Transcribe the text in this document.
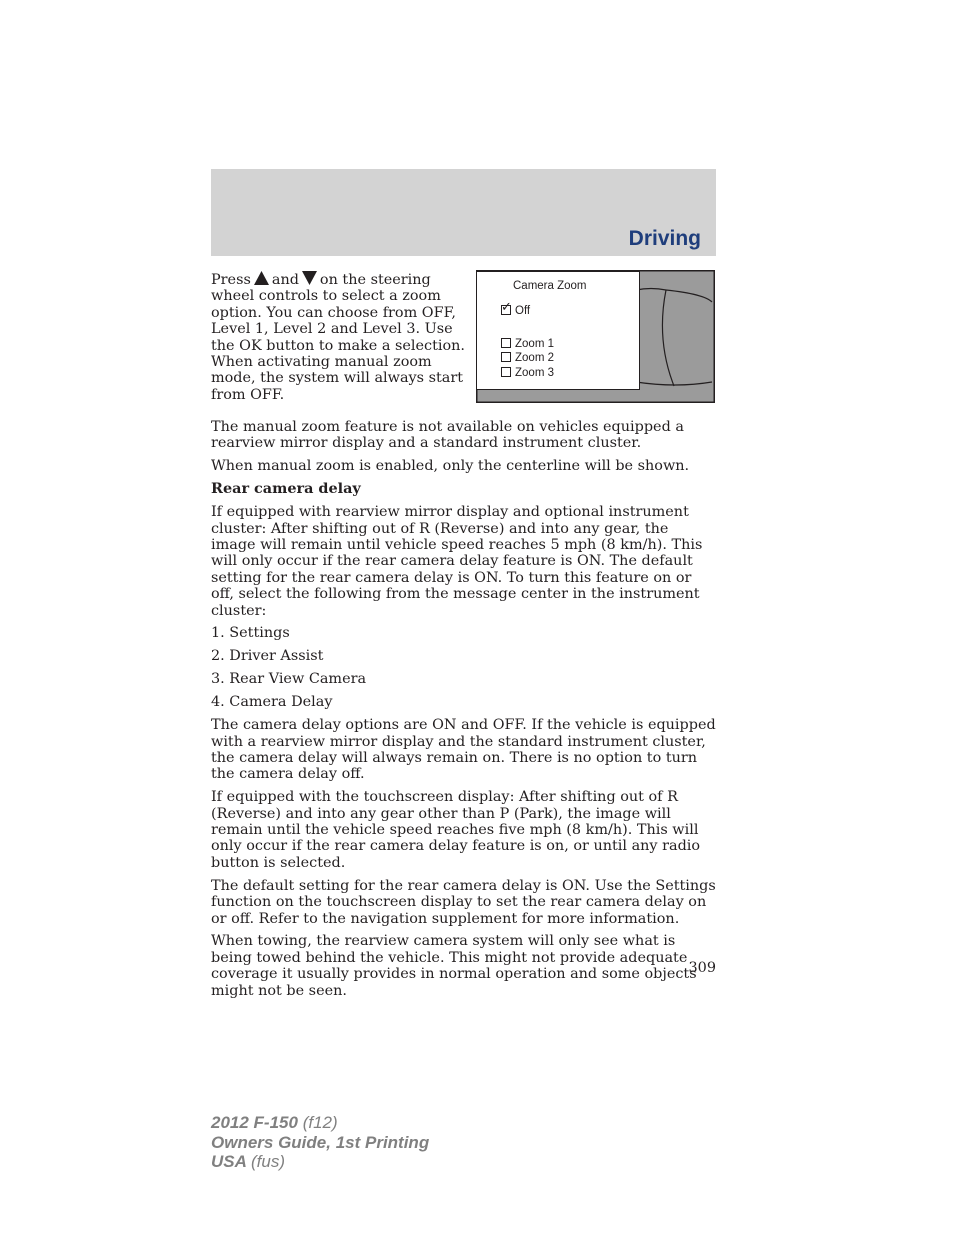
Driving
Press and on the steering wheel controls to select a zoom option. You can choose from OFF, Level 1, Level 2 and Level 3. Use the OK button to make a selection. When activating manual zoom mode, the system will always start from OFF.
Camera Zoom
✓ Off
Zoom 1
Zoom 2
Zoom 3

The manual zoom feature is not available on vehicles equipped a rearview mirror display and a standard instrument cluster.

When manual zoom is enabled, only the centerline will be shown.

Rear camera delay

If equipped with rearview mirror display and optional instrument cluster: After shifting out of R (Reverse) and into any gear, the image will remain until vehicle speed reaches 5 mph (8 km/h). This will only occur if the rear camera delay feature is ON. The default setting for the rear camera delay is ON. To turn this feature on or off, select the following from the message center in the instrument cluster:

1. Settings

2. Driver Assist

3. Rear View Camera

4. Camera Delay

The camera delay options are ON and OFF. If the vehicle is equipped with a rearview mirror display and the standard instrument cluster, the camera delay will always remain on. There is no option to turn the camera delay off.

If equipped with the touchscreen display: After shifting out of R (Reverse) and into any gear other than P (Park), the image will remain until the vehicle speed reaches five mph (8 km/h). This will only occur if the rear camera delay feature is on, or until any radio button is selected.

The default setting for the rear camera delay is ON. Use the Settings function on the touchscreen display to set the rear camera delay on or off. Refer to the navigation supplement for more information.

When towing, the rearview camera system will only see what is being towed behind the vehicle. This might not provide adequate coverage it usually provides in normal operation and some objects might not be seen.

309
2012 F-150 (f12)
Owners Guide, 1st Printing
USA (fus)
